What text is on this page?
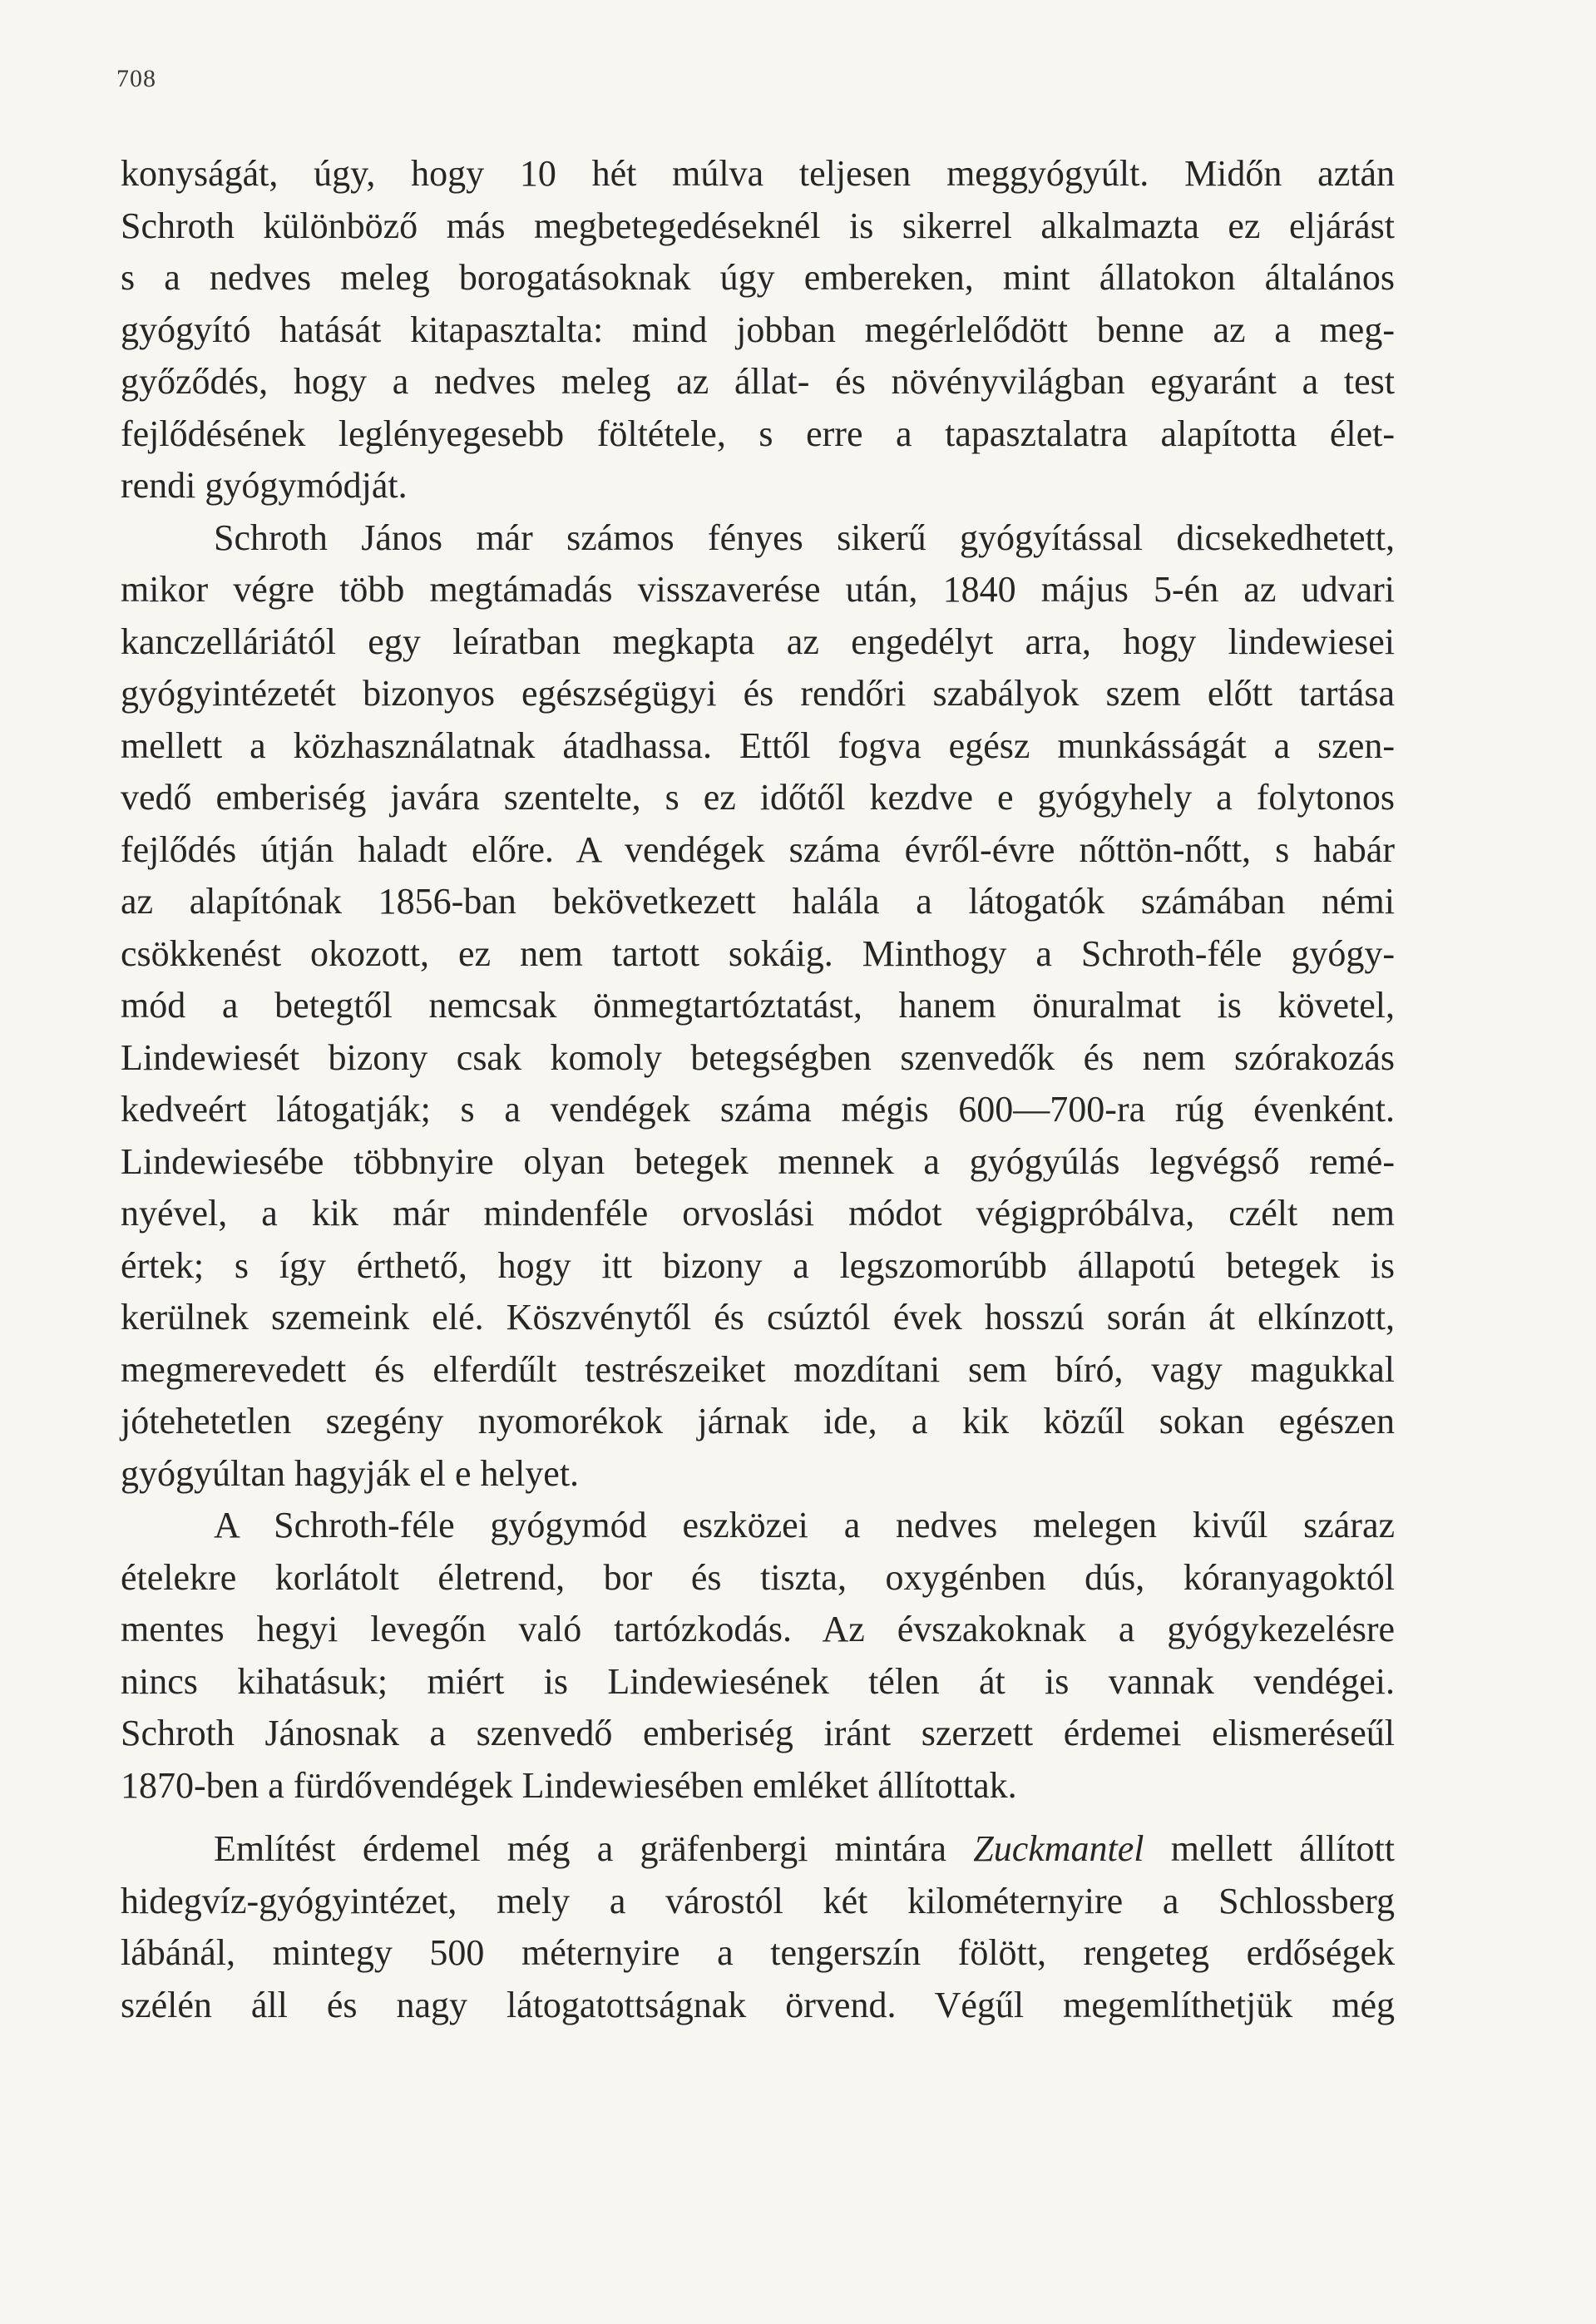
708
konyságát, úgy, hogy 10 hét múlva teljesen meggyógyúlt. Midőn aztán
Schroth különböző más megbetegedéseknél is sikerrel alkalmazta ez eljárást
s a nedves meleg borogatásoknak úgy embereken, mint állatokon általános
gyógyító hatását kitapasztalta: mind jobban megérlelődött benne az a meg-
győződés, hogy a nedves meleg az állat- és növényvilágban egyaránt a test
fejlődésének leglényegesebb föltétele, s erre a tapasztalatra alapította élet-
rendi gyógymódját.
Schroth János már számos fényes sikerű gyógyítással dicsekedhetett,
mikor végre több megtámadás visszaverése után, 1840 május 5-én az udvari
kanczelláriától egy leíratban megkapta az engedélyt arra, hogy lindewiesei
gyógyintézetét bizonyos egészségügyi és rendőri szabályok szem előtt tartása
mellett a közhasználatnak átadhassa. Ettől fogva egész munkásságát a szen-
vedő emberiség javára szentelte, s ez időtől kezdve e gyógyhely a folytonos
fejlődés útján haladt előre. A vendégek száma évről-évre nőttön-nőtt, s habár
az alapítónak 1856-ban bekövetkezett halála a látogatók számában némi
csökkenést okozott, ez nem tartott sokáig. Minthogy a Schroth-féle gyógy-
mód a betegtől nemcsak önmegtartóztatást, hanem önuralmat is követel,
Lindewiesét bizony csak komoly betegségben szenvedők és nem szórakozás
kedveért látogatják; s a vendégek száma mégis 600—700-ra rúg évenként.
Lindewiesébe többnyire olyan betegek mennek a gyógyúlás legvégső remé-
nyével, a kik már mindenféle orvoslási módot végigpróbálva, czélt nem
értek; s így érthető, hogy itt bizony a legszomorúbb állapotú betegek is
kerülnek szemeink elé. Köszvénytől és csúztól évek hosszú során át elkínzott,
megmerevedett és elferdűlt testrészeiket mozdítani sem bíró, vagy magukkal
jótehetetlen szegény nyomorékok járnak ide, a kik közűl sokan egészen
gyógyúltan hagyják el e helyet.
A Schroth-féle gyógymód eszközei a nedves melegen kivűl száraz
ételekre korlátolt életrend, bor és tiszta, oxygénben dús, kóranyagoktól
mentes hegyi levegőn való tartózkodás. Az évszakoknak a gyógykezelésre
nincs kihatásuk; miért is Lindewiesének télen át is vannak vendégei.
Schroth Jánosnak a szenvedő emberiség iránt szerzett érdemei elismeréseűl
1870-ben a fürdővendégek Lindewiesében emléket állítottak.
Említést érdemel még a gräfenbergi mintára Zuckmantel mellett állított
hidegvíz-gyógyintézet, mely a várostól két kilométernyire a Schlossberg
lábánál, mintegy 500 méternyire a tengerszín fölött, rengeteg erdőségek
szélén áll és nagy látogatottságnak örvend. Végűl megemlíthetjük még
